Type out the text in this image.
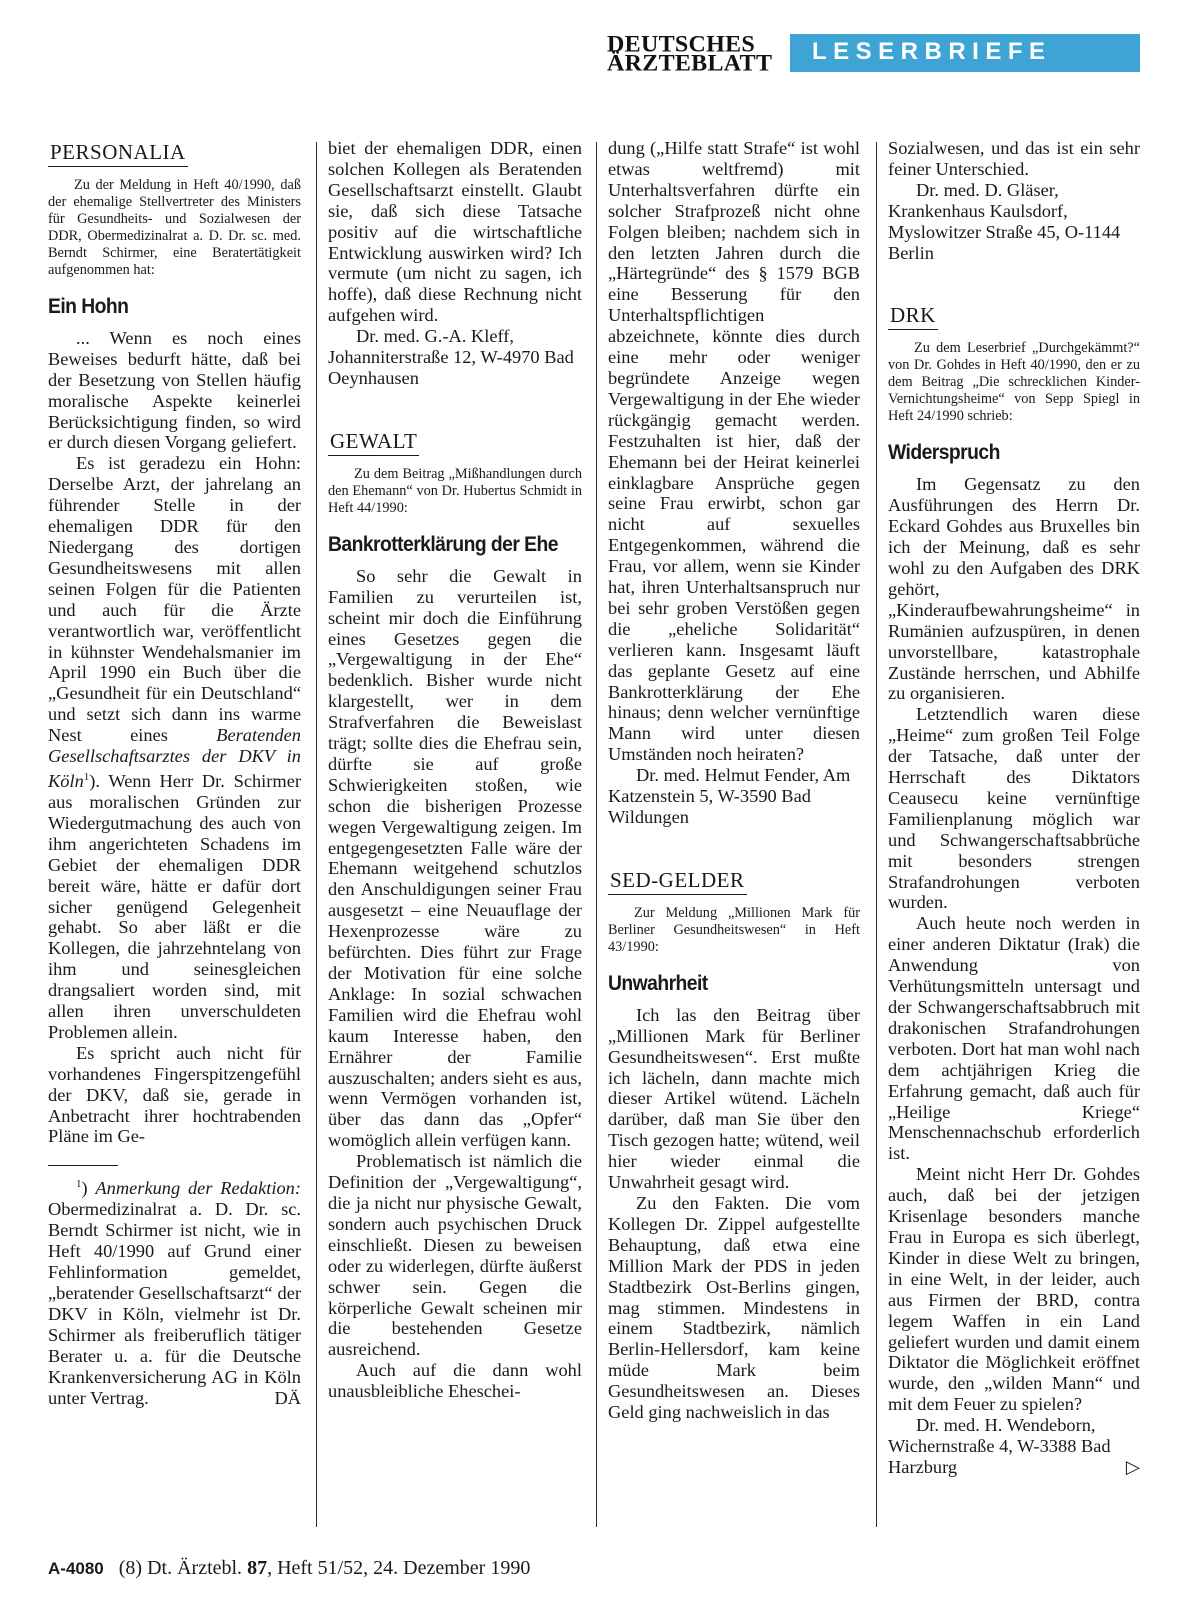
DEUTSCHES
ÄRZTEBLATT LESERBRIEFE
PERSONALIA

Zu der Meldung in Heft 40/1990, daß der ehemalige Stellvertreter des Ministers für Gesundheits- und Sozialwesen der DDR, Obermedizinalrat a. D. Dr. sc. med. Berndt Schirmer, eine Beratertätigkeit aufgenommen hat:

Ein Hohn

... Wenn es noch eines Beweises bedurft hätte, daß bei der Besetzung von Stellen häufig moralische Aspekte keinerlei Berücksichtigung finden, so wird er durch diesen Vorgang geliefert.

Es ist geradezu ein Hohn: Derselbe Arzt, der jahrelang an führender Stelle in der ehemaligen DDR für den Niedergang des dortigen Gesundheitswesens mit allen seinen Folgen für die Patienten und auch für die Ärzte verantwortlich war, veröffentlicht in kühnster Wendehalsmanier im April 1990 ein Buch über die „Gesundheit für ein Deutschland“ und setzt sich dann ins warme Nest eines Beratenden Gesellschaftsarztes der DKV in Köln$^1$). Wenn Herr Dr. Schirmer aus moralischen Gründen zur Wiedergutmachung des auch von ihm angerichteten Schadens im Gebiet der ehemaligen DDR bereit wäre, hätte er dafür dort sicher genügend Gelegenheit gehabt. So aber läßt er die Kollegen, die jahrzehntelang von ihm und seinesgleichen drangsaliert worden sind, mit allen ihren unverschuldeten Problemen allein.

Es spricht auch nicht für vorhandenes Fingerspitzengefühl der DKV, daß sie, gerade in Anbetracht ihrer hochtrabenden Pläne im Ge-

$^1$) Anmerkung der Redaktion: Obermedizinalrat a. D. Dr. sc. Berndt Schirmer ist nicht, wie in Heft 40/1990 auf Grund einer Fehlinformation gemeldet, „beratender Gesellschaftsarzt“ der DKV in Köln, vielmehr ist Dr. Schirmer als freiberuflich tätiger Berater u. a. für die Deutsche Krankenversicherung AG in Köln unter Vertrag.	DÄ

biet der ehemaligen DDR, einen solchen Kollegen als Beratenden Gesellschaftsarzt einstellt. Glaubt sie, daß sich diese Tatsache positiv auf die wirtschaftliche Entwicklung auswirken wird? Ich vermute (um nicht zu sagen, ich hoffe), daß diese Rechnung nicht aufgehen wird.

Dr. med. G.-A. Kleff, Johanniterstraße 12, W-4970 Bad Oeynhausen

GEWALT

Zu dem Beitrag „Mißhandlungen durch den Ehemann“ von Dr. Hubertus Schmidt in Heft 44/1990:

Bankrotterklärung der Ehe

So sehr die Gewalt in Familien zu verurteilen ist, scheint mir doch die Einführung eines Gesetzes gegen die „Vergewaltigung in der Ehe“ bedenklich. Bisher wurde nicht klargestellt, wer in dem Strafverfahren die Beweislast trägt; sollte dies die Ehefrau sein, dürfte sie auf große Schwierigkeiten stoßen, wie schon die bisherigen Prozesse wegen Vergewaltigung zeigen. Im entgegengesetzten Falle wäre der Ehemann weitgehend schutzlos den Anschuldigungen seiner Frau ausgesetzt – eine Neuauflage der Hexenprozesse wäre zu befürchten. Dies führt zur Frage der Motivation für eine solche Anklage: In sozial schwachen Familien wird die Ehefrau wohl kaum Interesse haben, den Ernährer der Familie auszuschalten; anders sieht es aus, wenn Vermögen vorhanden ist, über das dann das „Opfer“ womöglich allein verfügen kann.

Problematisch ist nämlich die Definition der „Vergewaltigung“, die ja nicht nur physische Gewalt, sondern auch psychischen Druck einschließt. Diesen zu beweisen oder zu widerlegen, dürfte äußerst schwer sein. Gegen die körperliche Gewalt scheinen mir die bestehenden Gesetze ausreichend.

Auch auf die dann wohl unausbleibliche Eheschei-

dung („Hilfe statt Strafe“ ist wohl etwas weltfremd) mit Unterhaltsverfahren dürfte ein solcher Strafprozeß nicht ohne Folgen bleiben; nachdem sich in den letzten Jahren durch die „Härtegründe“ des § 1579 BGB eine Besserung für den Unterhaltspflichtigen abzeichnete, könnte dies durch eine mehr oder weniger begründete Anzeige wegen Vergewaltigung in der Ehe wieder rückgängig gemacht werden. Festzuhalten ist hier, daß der Ehemann bei der Heirat keinerlei einklagbare Ansprüche gegen seine Frau erwirbt, schon gar nicht auf sexuelles Entgegenkommen, während die Frau, vor allem, wenn sie Kinder hat, ihren Unterhaltsanspruch nur bei sehr groben Verstößen gegen die „eheliche Solidarität“ verlieren kann. Insgesamt läuft das geplante Gesetz auf eine Bankrotterklärung der Ehe hinaus; denn welcher vernünftige Mann wird unter diesen Umständen noch heiraten?

Dr. med. Helmut Fender, Am Katzenstein 5, W-3590 Bad Wildungen

SED-GELDER

Zur Meldung „Millionen Mark für Berliner Gesundheitswesen“ in Heft 43/1990:

Unwahrheit

Ich las den Beitrag über „Millionen Mark für Berliner Gesundheitswesen“. Erst mußte ich lächeln, dann machte mich dieser Artikel wütend. Lächeln darüber, daß man Sie über den Tisch gezogen hatte; wütend, weil hier wieder einmal die Unwahrheit gesagt wird.

Zu den Fakten. Die vom Kollegen Dr. Zippel aufgestellte Behauptung, daß etwa eine Million Mark der PDS in jeden Stadtbezirk Ost-Berlins gingen, mag stimmen. Mindestens in einem Stadtbezirk, nämlich Berlin-Hellersdorf, kam keine müde Mark beim Gesundheitswesen an. Dieses Geld ging nachweislich in das

Sozialwesen, und das ist ein sehr feiner Unterschied.

Dr. med. D. Gläser, Krankenhaus Kaulsdorf, Myslowitzer Straße 45, O-1144 Berlin

DRK

Zu dem Leserbrief „Durchgekämmt?“ von Dr. Gohdes in Heft 40/1990, den er zu dem Beitrag „Die schrecklichen Kinder-Vernichtungsheime“ von Sepp Spiegl in Heft 24/1990 schrieb:

Widerspruch

Im Gegensatz zu den Ausführungen des Herrn Dr. Eckard Gohdes aus Bruxelles bin ich der Meinung, daß es sehr wohl zu den Aufgaben des DRK gehört, „Kinderaufbewahrungsheime“ in Rumänien aufzuspüren, in denen unvorstellbare, katastrophale Zustände herrschen, und Abhilfe zu organisieren.

Letztendlich waren diese „Heime“ zum großen Teil Folge der Tatsache, daß unter der Herrschaft des Diktators Ceausecu keine vernünftige Familienplanung möglich war und Schwangerschaftsabbrüche mit besonders strengen Strafandrohungen verboten wurden.

Auch heute noch werden in einer anderen Diktatur (Irak) die Anwendung von Verhütungsmitteln untersagt und der Schwangerschaftsabbruch mit drakonischen Strafandrohungen verboten. Dort hat man wohl nach dem achtjährigen Krieg die Erfahrung gemacht, daß auch für „Heilige Kriege“ Menschennachschub erforderlich ist.

Meint nicht Herr Dr. Gohdes auch, daß bei der jetzigen Krisenlage besonders manche Frau in Europa es sich überlegt, Kinder in diese Welt zu bringen, in eine Welt, in der leider, auch aus Firmen der BRD, contra legem Waffen in ein Land geliefert wurden und damit einem Diktator die Möglichkeit eröffnet wurde, den „wilden Mann“ und mit dem Feuer zu spielen?

Dr. med. H. Wendeborn, Wichernstraße 4, W-3388 Bad Harzburg	▷

A-4080 (8) Dt. Ärztebl. 87, Heft 51/52, 24. Dezember 1990
